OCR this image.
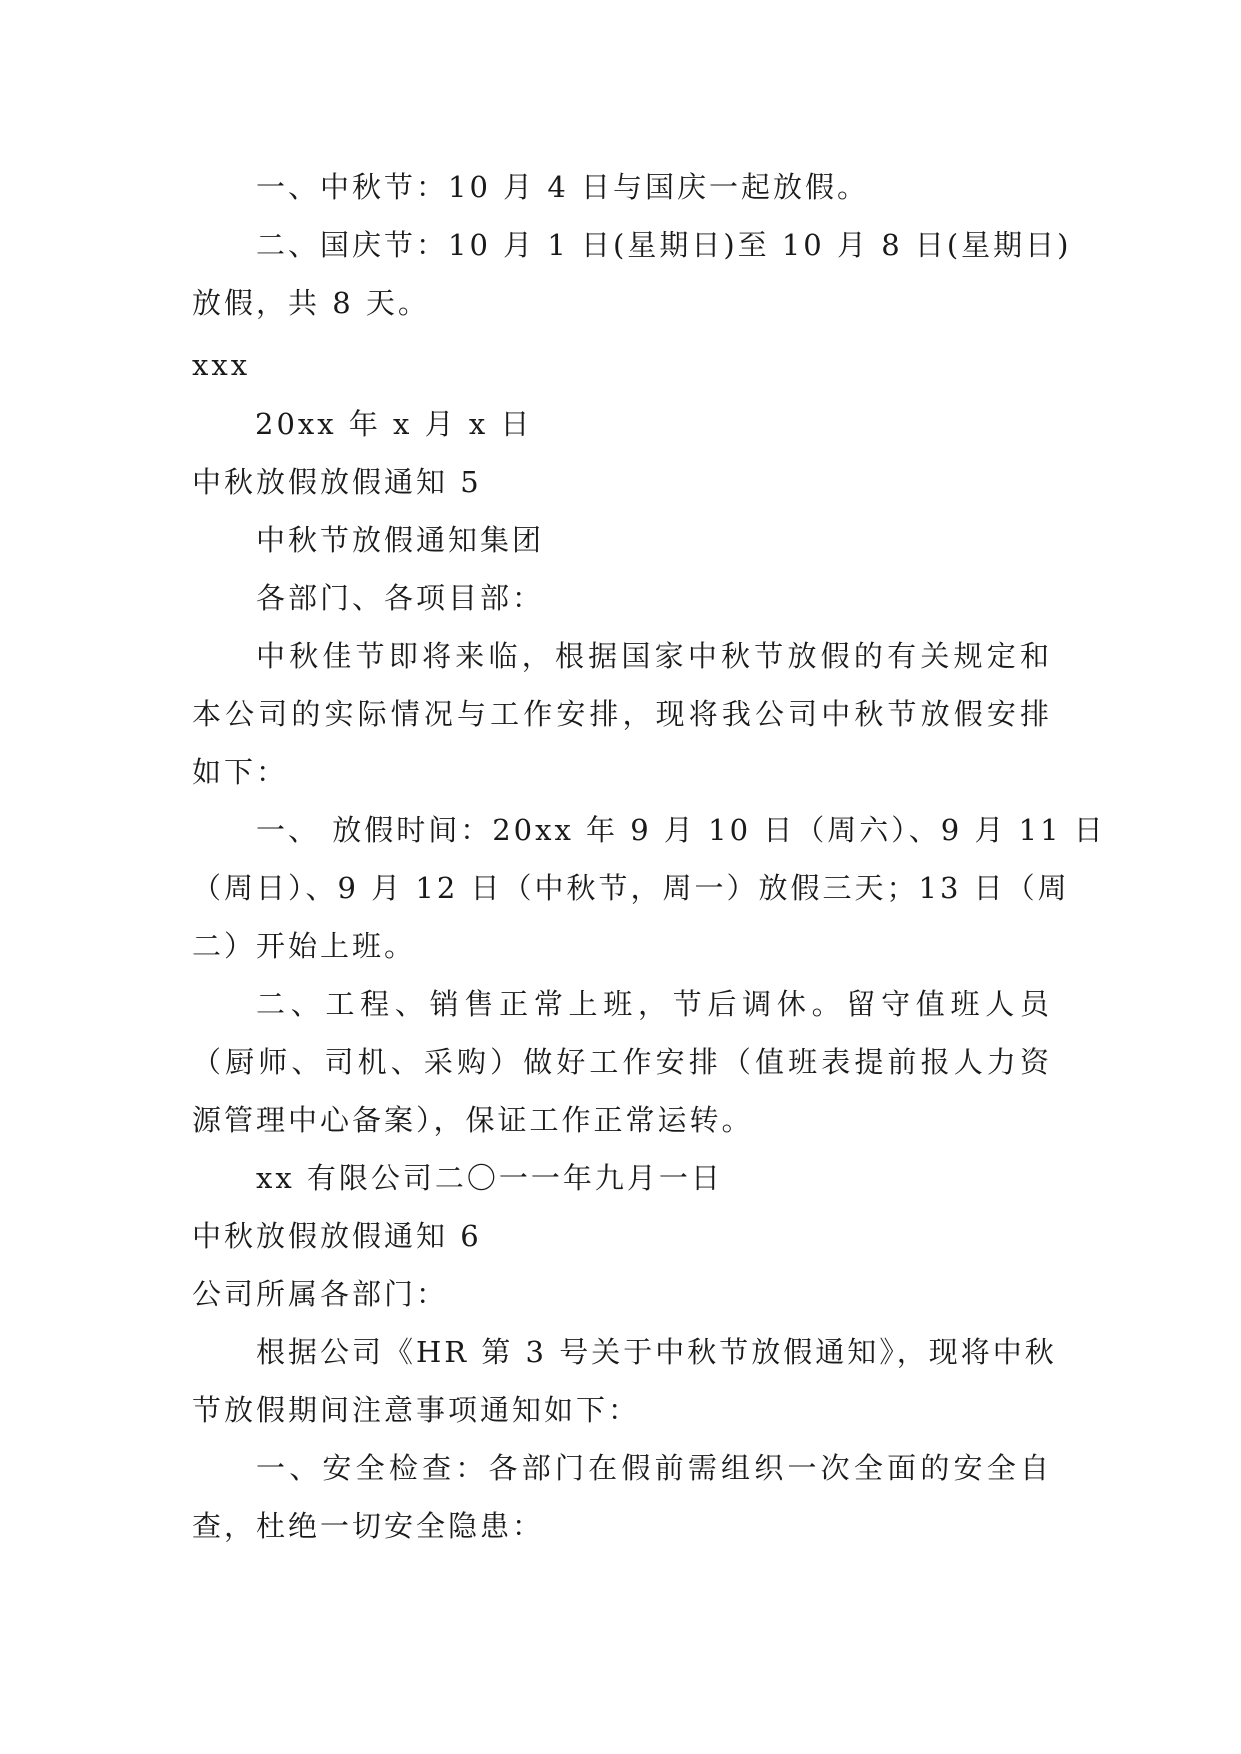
一、中秋节：10 月 4 日与国庆一起放假。
二、国庆节：10 月 1 日(星期日)至 10 月 8 日(星期日)
放假，共 8 天。
xxx
20xx 年 x 月 x 日
中秋放假放假通知 5
中秋节放假通知集团
各部门、各项目部：
中秋佳节即将来临，根据国家中秋节放假的有关规定和
本公司的实际情况与工作安排，现将我公司中秋节放假安排
如下：
一、 放假时间：20xx 年 9 月 10 日（周六）、9 月 11 日
（周日）、9 月 12 日（中秋节，周一）放假三天；13 日（周
二）开始上班。
二、工程、销售正常上班，节后调休。留守值班人员
（厨师、司机、采购）做好工作安排（值班表提前报人力资
源管理中心备案），保证工作正常运转。
xx 有限公司二〇一一年九月一日
中秋放假放假通知 6
公司所属各部门：
根据公司《HR 第 3 号关于中秋节放假通知》，现将中秋
节放假期间注意事项通知如下：
一、安全检查：各部门在假前需组织一次全面的安全自
查，杜绝一切安全隐患：
